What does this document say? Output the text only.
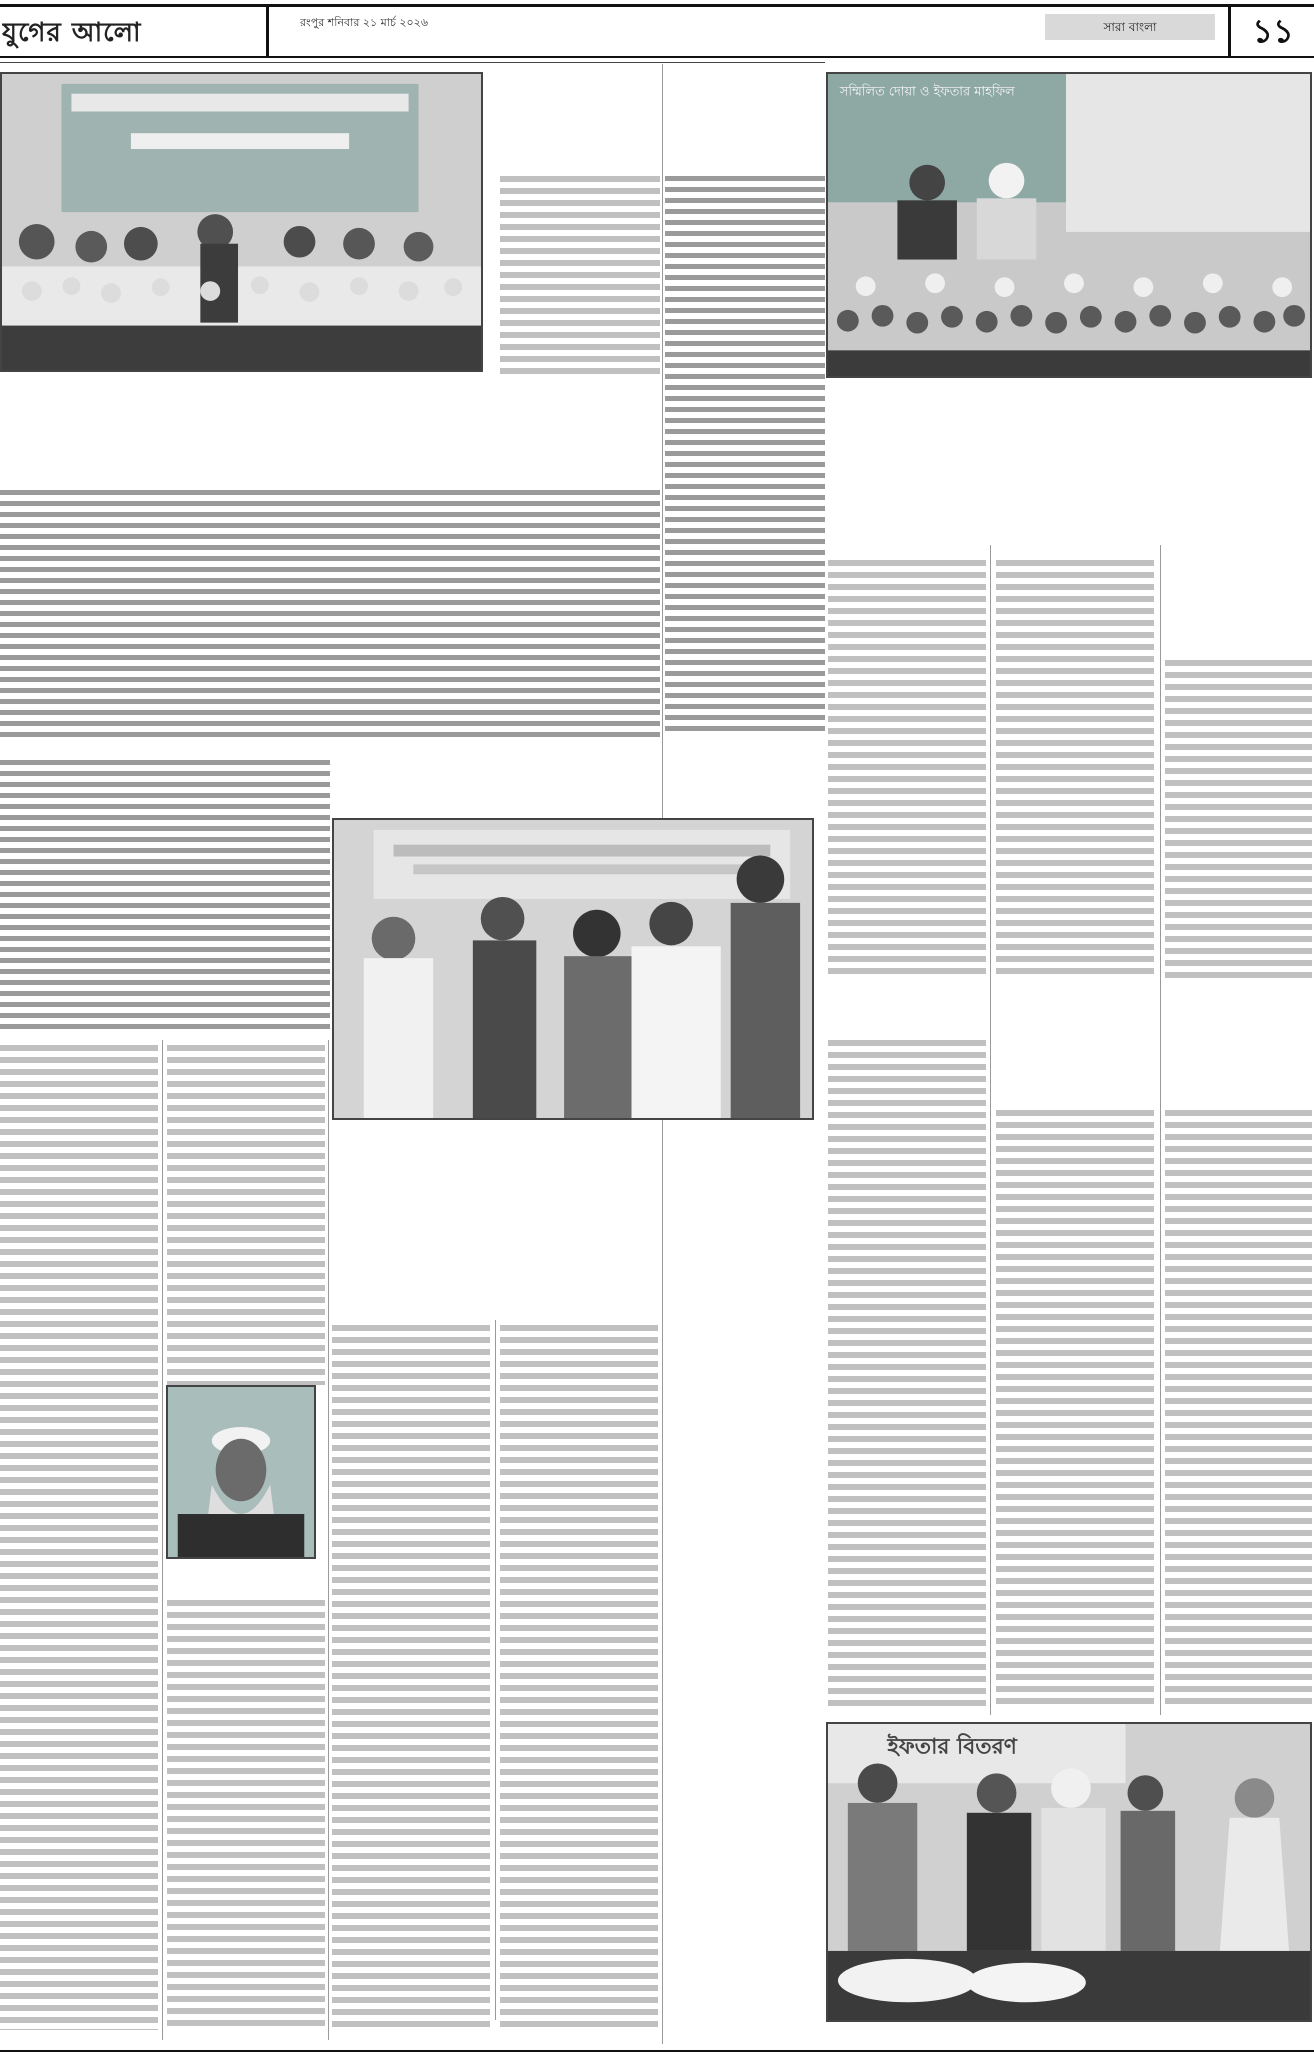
যুগের আলো	রংপুর শনিবার ২১ মার্চ ২০২৬	সারা বাংলা	১১
সম্মিলিত দোয়া ও ইফতার মাহফিল
ইফতার বিতরণ
